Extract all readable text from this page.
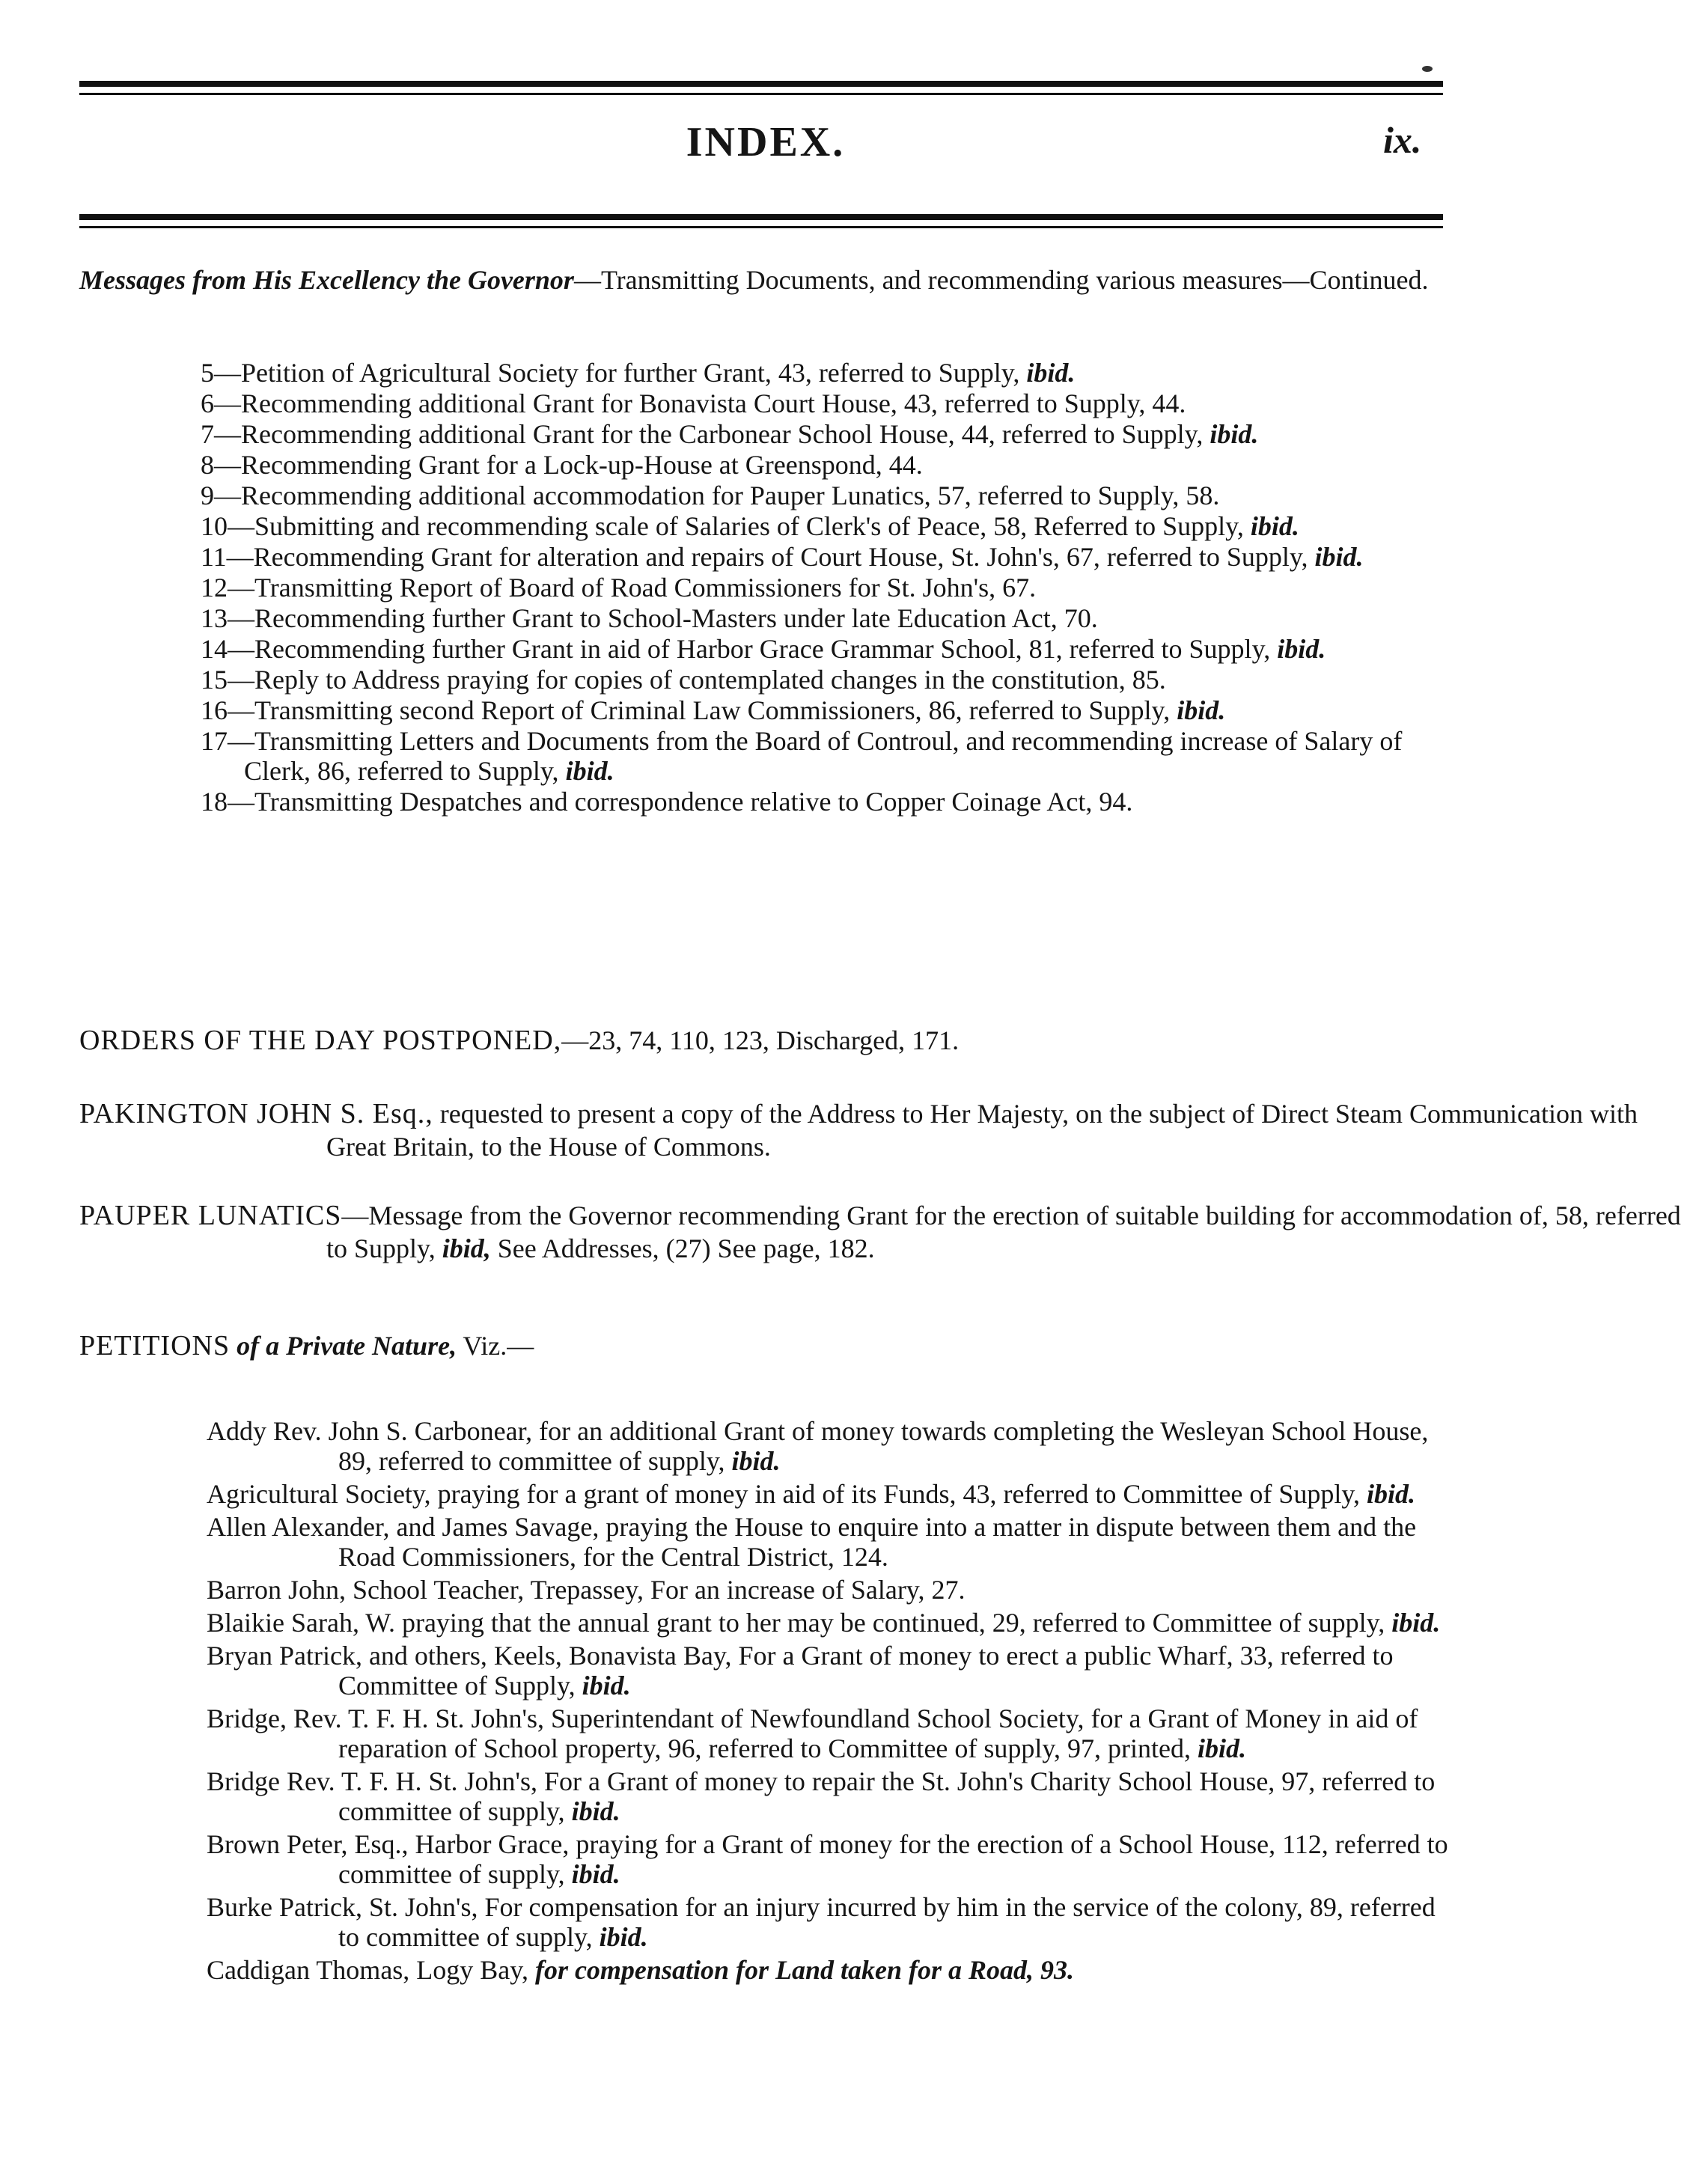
INDEX.	ix.
Messages from His Excellency the Governor—Transmitting Documents, and recommending various measures—Continued.
5—Petition of Agricultural Society for further Grant, 43, referred to Supply, ibid.
6—Recommending additional Grant for Bonavista Court House, 43, referred to Supply, 44.
7—Recommending additional Grant for the Carbonear School House, 44, referred to Supply, ibid.
8—Recommending Grant for a Lock-up-House at Greenspond, 44.
9—Recommending additional accommodation for Pauper Lunatics, 57, referred to Supply, 58.
10—Submitting and recommending scale of Salaries of Clerk's of Peace, 58, Referred to Supply, ibid.
11—Recommending Grant for alteration and repairs of Court House, St. John's, 67, referred to Supply, ibid.
12—Transmitting Report of Board of Road Commissioners for St. John's, 67.
13—Recommending further Grant to School-Masters under late Education Act, 70.
14—Recommending further Grant in aid of Harbor Grace Grammar School, 81, referred to Supply, ibid.
15—Reply to Address praying for copies of contemplated changes in the constitution, 85.
16—Transmitting second Report of Criminal Law Commissioners, 86, referred to Supply, ibid.
17—Transmitting Letters and Documents from the Board of Controul, and recommending increase of Salary of Clerk, 86, referred to Supply, ibid.
18—Transmitting Despatches and correspondence relative to Copper Coinage Act, 94.
ORDERS OF THE DAY POSTPONED,—23, 74, 110, 123, Discharged, 171.
PAKINGTON JOHN S. Esq., requested to present a copy of the Address to Her Majesty, on the subject of Direct Steam Communication with Great Britain, to the House of Commons.
PAUPER LUNATICS—Message from the Governor recommending Grant for the erection of suitable building for accommodation of, 58, referred to Supply, ibid, See Addresses, (27) See page, 182.
PETITIONS of a Private Nature, Viz.—
Addy Rev. John S. Carbonear, for an additional Grant of money towards completing the Wesleyan School House, 89, referred to committee of supply, ibid.
Agricultural Society, praying for a grant of money in aid of its Funds, 43, referred to Committee of Supply, ibid.
Allen Alexander, and James Savage, praying the House to enquire into a matter in dispute between them and the Road Commissioners, for the Central District, 124.
Barron John, School Teacher, Trepassey, For an increase of Salary, 27.
Blaikie Sarah, W. praying that the annual grant to her may be continued, 29, referred to Committee of supply, ibid.
Bryan Patrick, and others, Keels, Bonavista Bay, For a Grant of money to erect a public Wharf, 33, referred to Committee of Supply, ibid.
Bridge, Rev. T. F. H. St. John's, Superintendant of Newfoundland School Society, for a Grant of Money in aid of reparation of School property, 96, referred to Committee of supply, 97, printed, ibid.
Bridge Rev. T. F. H. St. John's, For a Grant of money to repair the St. John's Charity School House, 97, referred to committee of supply, ibid.
Brown Peter, Esq., Harbor Grace, praying for a Grant of money for the erection of a School House, 112, referred to committee of supply, ibid.
Burke Patrick, St. John's, For compensation for an injury incurred by him in the service of the colony, 89, referred to committee of supply, ibid.
Caddigan Thomas, Logy Bay, for compensation for Land taken for a Road, 93.
